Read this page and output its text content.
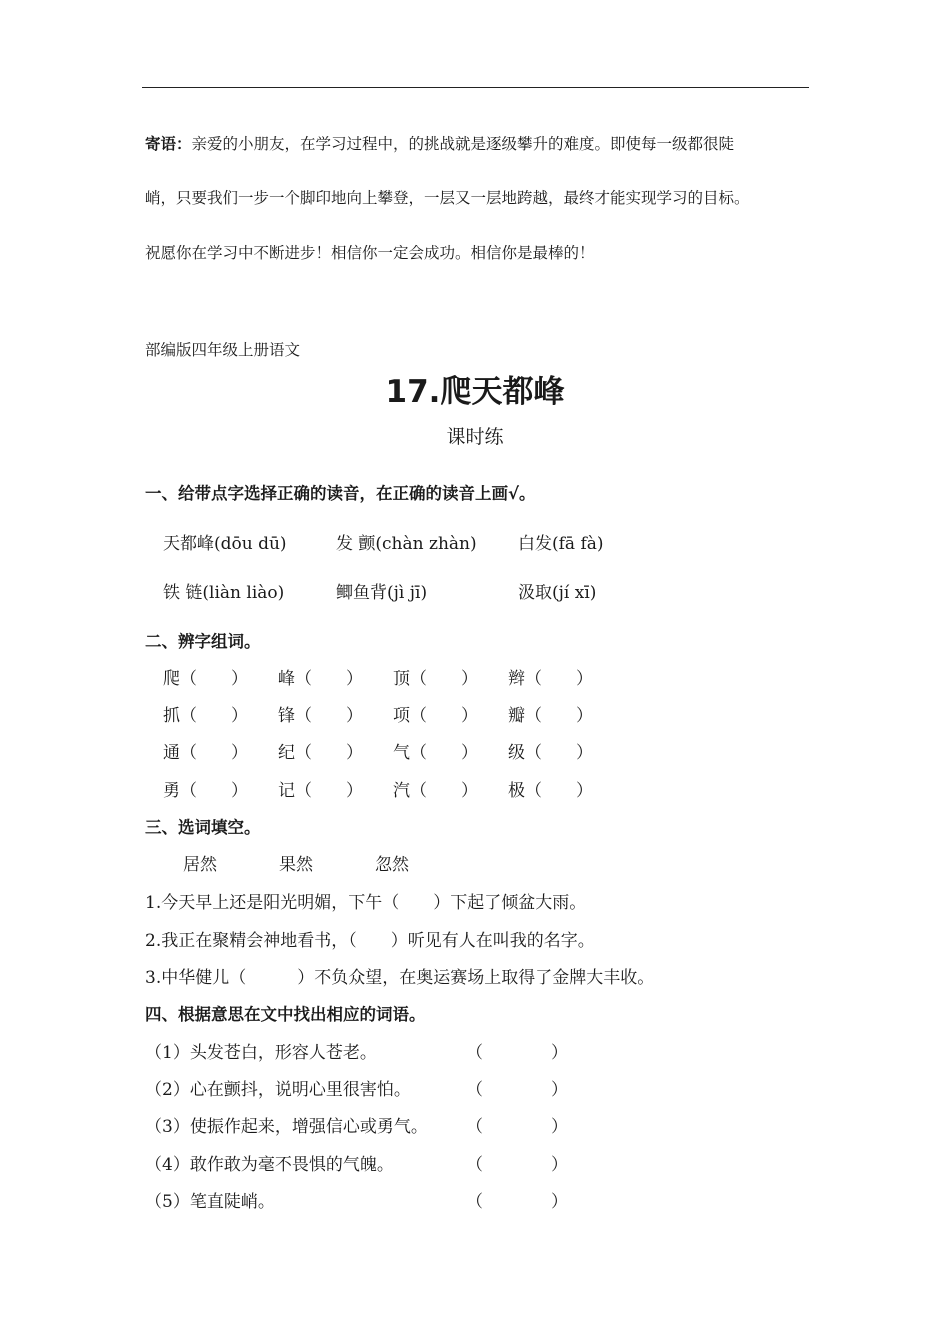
寄语：亲爱的小朋友，在学习过程中，的挑战就是逐级攀升的难度。即使每一级都很陡
峭，只要我们一步一个脚印地向上攀登，一层又一层地跨越，最终才能实现学习的目标。
祝愿你在学习中不断进步！相信你一定会成功。相信你是最棒的！
部编版四年级上册语文
17.爬天都峰
课时练
一、给带点字选择正确的读音，在正确的读音上画√。
天都峰(dōu dū)	发 颤(chàn zhàn) 白发(fā fà)
铁 链(liàn liào)	鲫鱼背(jì jī)	汲取(jí xī)
二、辨字组词。
爬（　　） 峰（　　） 顶（　　） 辫（　　）
抓（　　） 锋（　　） 项（　　） 瓣（　　）
通（　　） 纪（　　） 气（　　） 级（　　）
勇（　　） 记（　　） 汽（　　） 极（　　）
三、选词填空。
居然	果然	忽然
1.今天早上还是阳光明媚，下午（　　）下起了倾盆大雨。
2.我正在聚精会神地看书，（　　）听见有人在叫我的名字。
3.中华健儿（　　　）不负众望，在奥运赛场上取得了金牌大丰收。
四、根据意思在文中找出相应的词语。
（1）头发苍白，形容人苍老。	（　　　　）
（2）心在颤抖，说明心里很害怕。	（　　　　）
（3）使振作起来，增强信心或勇气。 （　　　　）
（4）敢作敢为毫不畏惧的气魄。	（　　　　）
（5）笔直陡峭。	（　　　　）
